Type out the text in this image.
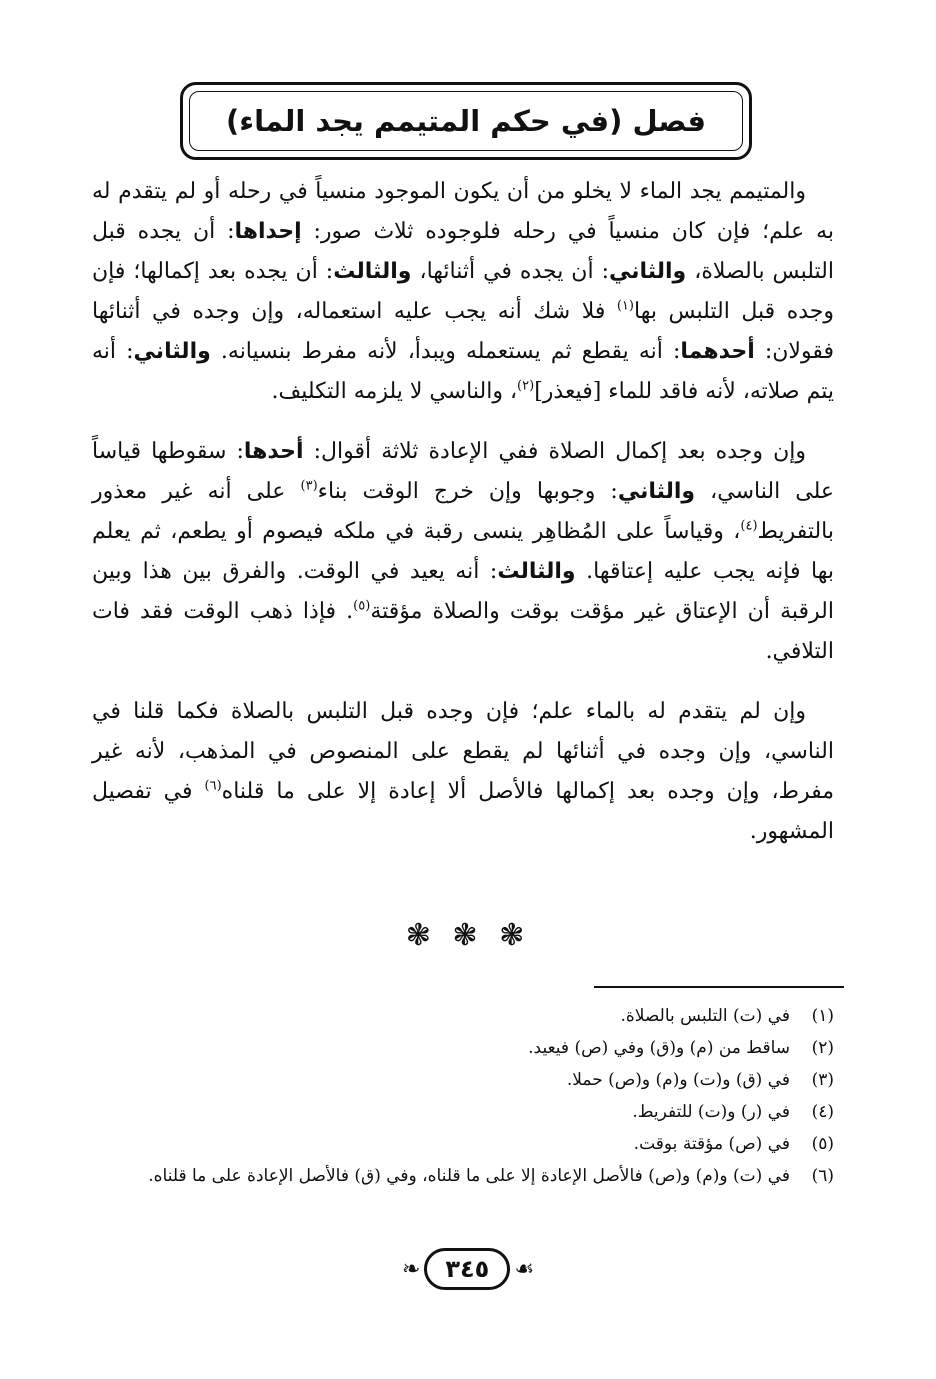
فصل (في حكم المتيمم يجد الماء)

والمتيمم يجد الماء لا يخلو من أن يكون الموجود منسياً في رحله أو لم يتقدم له به علم؛ فإن كان منسياً في رحله فلوجوده ثلاث صور: إحداها: أن يجده قبل التلبس بالصلاة، والثاني: أن يجده في أثنائها، والثالث: أن يجده بعد إكمالها؛ فإن وجده قبل التلبس بها$^{(١)}$ فلا شك أنه يجب عليه استعماله، وإن وجده في أثنائها فقولان: أحدهما: أنه يقطع ثم يستعمله ويبدأ، لأنه مفرط بنسيانه. والثاني: أنه يتم صلاته، لأنه فاقد للماء [فيعذر]$^{(٢)}$، والناسي لا يلزمه التكليف.

وإن وجده بعد إكمال الصلاة ففي الإعادة ثلاثة أقوال: أحدها: سقوطها قياساً على الناسي، والثاني: وجوبها وإن خرج الوقت بناء$^{(٣)}$ على أنه غير معذور بالتفريط$^{(٤)}$، وقياساً على المُظاهِر ينسى رقبة في ملكه فيصوم أو يطعم، ثم يعلم بها فإنه يجب عليه إعتاقها. والثالث: أنه يعيد في الوقت. والفرق بين هذا وبين الرقبة أن الإعتاق غير مؤقت بوقت والصلاة مؤقتة$^{(٥)}$. فإذا ذهب الوقت فقد فات التلافي.

وإن لم يتقدم له بالماء علم؛ فإن وجده قبل التلبس بالصلاة فكما قلنا في الناسي، وإن وجده في أثنائها لم يقطع على المنصوص في المذهب، لأنه غير مفرط، وإن وجده بعد إكمالها فالأصل ألا إعادة إلا على ما قلناه$^{(٦)}$ في تفصيل المشهور.

❃ ❃ ❃
(١)
في (ت) التلبس بالصلاة.
(٢)
ساقط من (م) و(ق) وفي (ص) فيعيد.
(٣)
في (ق) و(ت) و(م) و(ص) حملا.
(٤)
في (ر) و(ت) للتفريط.
(٥)
في (ص) مؤقتة بوقت.
(٦)
في (ت) و(م) و(ص) فالأصل الإعادة إلا على ما قلناه، وفي (ق) فالأصل الإعادة على ما قلناه.
❧	٣٤٥	☙
